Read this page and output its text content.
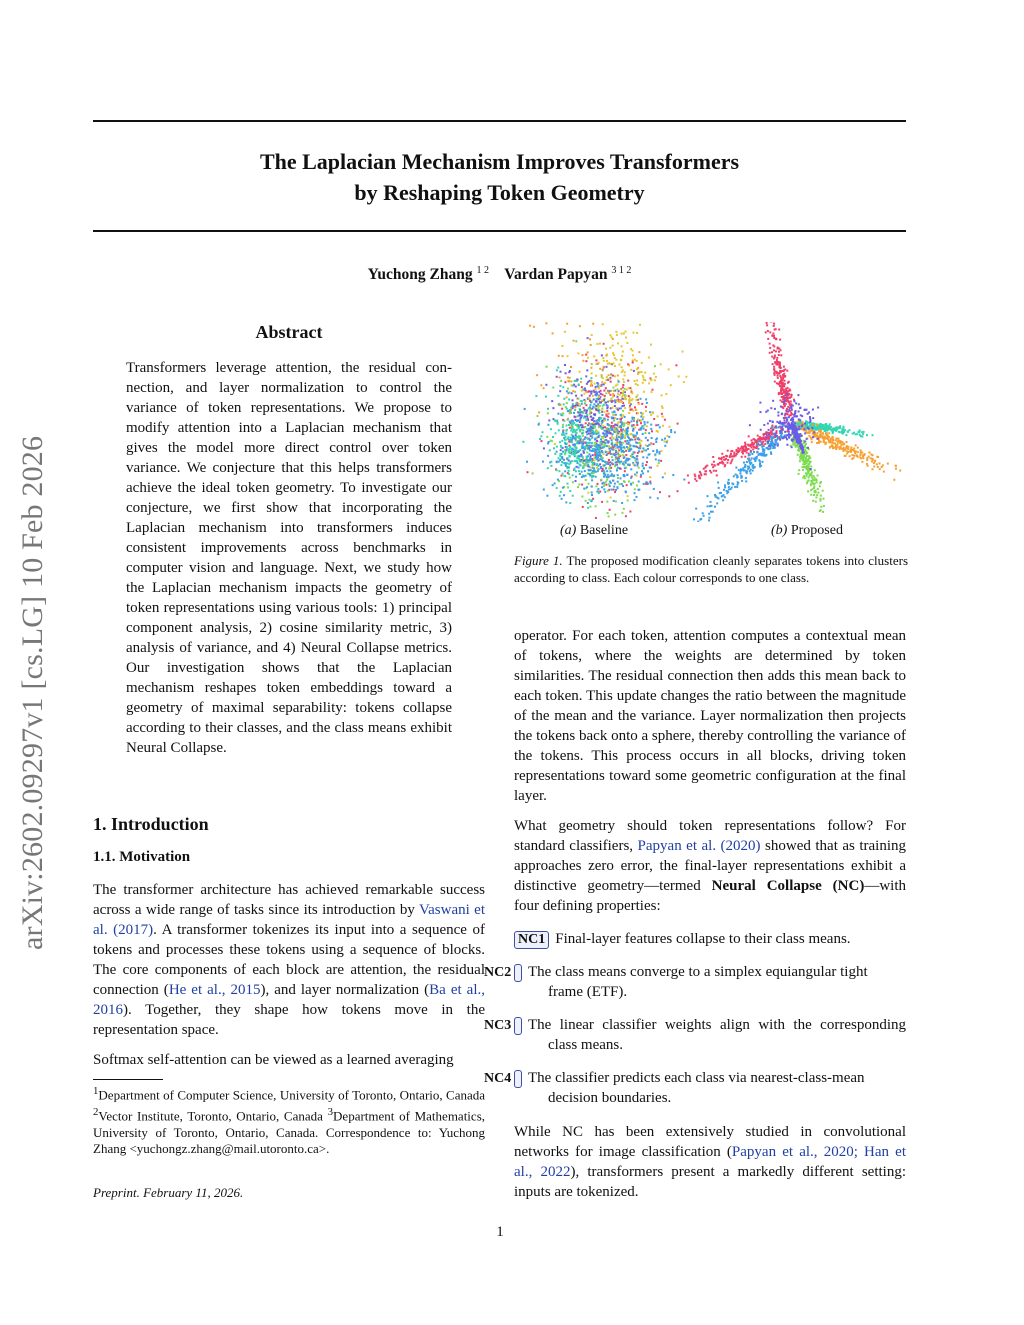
arXiv:2602.09297v1 [cs.LG] 10 Feb 2026
The Laplacian Mechanism Improves Transformers
by Reshaping Token Geometry
Yuchong Zhang $^{1 2}$ Vardan Papyan $^{3 1 2}$
Abstract
Transformers leverage attention, the residual connection, and layer normalization to control the variance of token representations. We propose to modify attention into a Laplacian mechanism that gives the model more direct control over token variance. We conjecture that this helps transformers achieve the ideal token geometry. To investigate our conjecture, we first show that incorporating the Laplacian mechanism into transformers induces consistent improvements across benchmarks in computer vision and language. Next, we study how the Laplacian mechanism impacts the geometry of token representations using various tools: 1) principal component analysis, 2) cosine similarity metric, 3) analysis of variance, and 4) Neural Collapse metrics. Our investigation shows that the Laplacian mechanism reshapes token embeddings toward a geometry of maximal separability: tokens collapse according to their classes, and the class means exhibit Neural Collapse.
1. Introduction
1.1. Motivation
The transformer architecture has achieved remarkable success across a wide range of tasks since its introduction by Vaswani et al. (2017). A transformer tokenizes its input into a sequence of tokens and processes these tokens using a sequence of blocks. The core components of each block are attention, the residual connection (He et al., 2015), and layer normalization (Ba et al., 2016). Together, they shape how tokens move in the representation space.
Softmax self-attention can be viewed as a learned averaging
$^1$Department of Computer Science, University of Toronto, Ontario, Canada $^2$Vector Institute, Toronto, Ontario, Canada $^3$Department of Mathematics, University of Toronto, Ontario, Canada. Correspondence to: Yuchong Zhang <yuchongz.zhang@mail.utoronto.ca>.
Preprint. February 11, 2026.
1
(a) Baseline	(b) Proposed
Figure 1. The proposed modification cleanly separates tokens into clusters according to class. Each colour corresponds to one class.
operator. For each token, attention computes a contextual mean of tokens, where the weights are determined by token similarities. The residual connection then adds this mean back to each token. This update changes the ratio between the magnitude of the mean and the variance. Layer normalization then projects the tokens back onto a sphere, thereby controlling the variance of the tokens. This process occurs in all blocks, driving token representations toward some geometric configuration at the final layer.
What geometry should token representations follow? For standard classifiers, Papyan et al. (2020) showed that as training approaches zero error, the final-layer representations exhibit a distinctive geometry—termed Neural Collapse (NC)—with four defining properties:
NC1 Final-layer features collapse to their class means.
NC2 The class means converge to a simplex equiangular tight frame (ETF).
NC3 The linear classifier weights align with the corresponding class means.
NC4 The classifier predicts each class via nearest-class-mean decision boundaries.
While NC has been extensively studied in convolutional networks for image classification (Papyan et al., 2020; Han et al., 2022), transformers present a markedly different setting: inputs are tokenized.
